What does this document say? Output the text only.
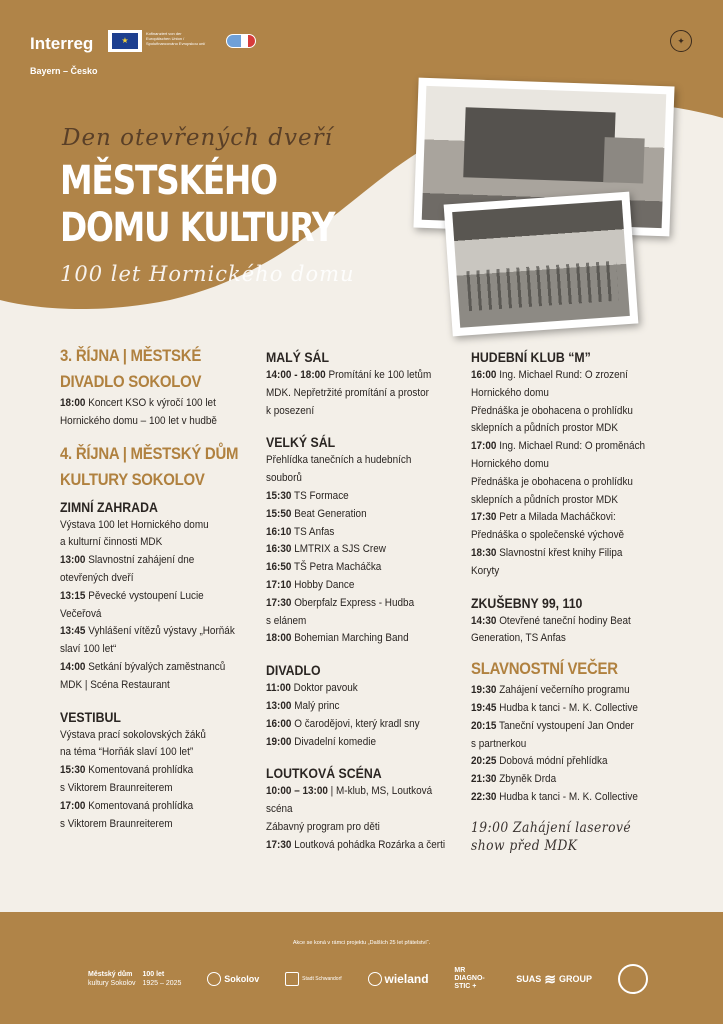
Interreg
Bayern – Česko
★
Kofinanziert von der Europäischen Union / Spolufinancováno Evropskou unií	✦
Den otevřených dveří
MĚSTSKÉHO
DOMU KULTURY
100 let Hornického domu
3. ŘÍJNA | MĚSTSKÉ
DIVADLO SOKOLOV
18:00 Koncert KSO k výročí 100 let
Hornického domu – 100 let v hudbě
4. ŘÍJNA | MĚSTSKÝ DŮM
KULTURY SOKOLOV
ZIMNÍ ZAHRADA
Výstava 100 let Hornického domu
a kulturní činnosti MDK
13:00 Slavnostní zahájení dne
otevřených dveří
13:15 Pěvecké vystoupení Lucie
Večeřová
13:45 Vyhlášení vítězů výstavy „Horňák
slaví 100 let“
14:00 Setkání bývalých zaměstnanců
MDK | Scéna Restaurant
VESTIBUL
Výstava prací sokolovských žáků
na téma “Horňák slaví 100 let”
15:30 Komentovaná prohlídka
s Viktorem Braunreiterem
17:00 Komentovaná prohlídka
s Viktorem Braunreiterem
MALÝ SÁL
14:00 - 18:00 Promítání ke 100 letům
MDK. Nepřetržité promítání a prostor
k posezení
VELKÝ SÁL
Přehlídka tanečních a hudebních
souborů
15:30 TS Formace
15:50 Beat Generation
16:10 TS Anfas
16:30 LMTRIX a SJS Crew
16:50 TŠ Petra Macháčka
17:10 Hobby Dance
17:30 Oberpfalz Express - Hudba
s elánem
18:00 Bohemian Marching Band
DIVADLO
11:00 Doktor pavouk
13:00 Malý princ
16:00 O čarodějovi, který kradl sny
19:00 Divadelní komedie
LOUTKOVÁ SCÉNA
10:00 – 13:00 | M-klub, MS, Loutková
scéna
Zábavný program pro děti
17:30 Loutková pohádka Rozárka a čerti
HUDEBNÍ KLUB “M”
16:00 Ing. Michael Rund: O zrození
Hornického domu
Přednáška je obohacena o prohlídku
sklepních a půdních prostor MDK
17:00 Ing. Michael Rund: O proměnách
Hornického domu
Přednáška je obohacena o prohlídku
sklepních a půdních prostor MDK
17:30 Petr a Milada Macháčkovi:
Přednáška o společenské výchově
18:30 Slavnostní křest knihy Filipa
Koryty
ZKUŠEBNY 99, 110
14:30 Otevřené taneční hodiny Beat
Generation, TS Anfas
SLAVNOSTNÍ VEČER
19:30 Zahájení večerního programu
19:45 Hudba k tanci - M. K. Collective
20:15 Taneční vystoupení Jan Onder
s partnerkou
20:25 Dobová módní přehlídka
21:30 Zbyněk Drda
22:30 Hudba k tanci - M. K. Collective
19:00 Zahájení laserové
show před MDK
Akce se koná v rámci projektu „Dalších 25 let přátelství“.
Městský dům
kultury Sokolov
100 let
1925 – 2025	Sokolov	Stadt Schwandorf	wieland
MR DIAGNO-STIC +
SUAS ≋ GROUP
